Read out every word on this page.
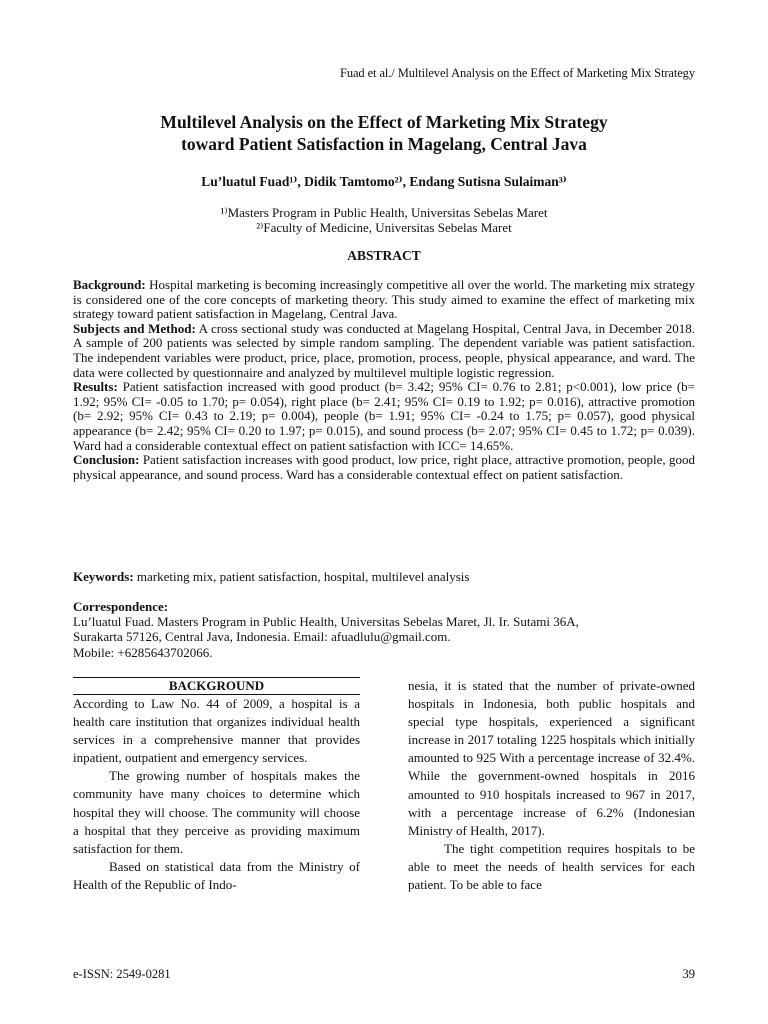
Fuad et al./ Multilevel Analysis on the Effect of Marketing Mix Strategy
Multilevel Analysis on the Effect of Marketing Mix Strategy
toward Patient Satisfaction in Magelang, Central Java
Lu’luatul Fuad¹⁾, Didik Tamtomo²⁾, Endang Sutisna Sulaiman³⁾
¹⁾Masters Program in Public Health, Universitas Sebelas Maret
²⁾Faculty of Medicine, Universitas Sebelas Maret
ABSTRACT

Background: Hospital marketing is becoming increasingly competitive all over the world. The marketing mix strategy is considered one of the core concepts of marketing theory. This study aimed to examine the effect of marketing mix strategy toward patient satisfaction in Magelang, Central Java.

Subjects and Method: A cross sectional study was conducted at Magelang Hospital, Central Java, in December 2018. A sample of 200 patients was selected by simple random sampling. The dependent variable was patient satisfaction. The independent variables were product, price, place, promotion, process, people, physical appearance, and ward. The data were collected by questionnaire and analyzed by multilevel multiple logistic regression.

Results: Patient satisfaction increased with good product (b= 3.42; 95% CI= 0.76 to 2.81; p<0.001), low price (b= 1.92; 95% CI= -0.05 to 1.70; p= 0.054), right place (b= 2.41; 95% CI= 0.19 to 1.92; p= 0.016), attractive promotion (b= 2.92; 95% CI= 0.43 to 2.19; p= 0.004), people (b= 1.91; 95% CI= -0.24 to 1.75; p= 0.057), good physical appearance (b= 2.42; 95% CI= 0.20 to 1.97; p= 0.015), and sound process (b= 2.07; 95% CI= 0.45 to 1.72; p= 0.039). Ward had a considerable contextual effect on patient satisfaction with ICC= 14.65%.

Conclusion: Patient satisfaction increases with good product, low price, right place, attractive promotion, people, good physical appearance, and sound process. Ward has a considerable contextual effect on patient satisfaction.

Keywords: marketing mix, patient satisfaction, hospital, multilevel analysis
Correspondence:
Lu’luatul Fuad. Masters Program in Public Health, Universitas Sebelas Maret, Jl. Ir. Sutami 36A,
Surakarta 57126, Central Java, Indonesia. Email: afuadlulu@gmail.com.
Mobile: +6285643702066.
BACKGROUND

According to Law No. 44 of 2009, a hospital is a health care institution that organizes individual health services in a comprehensive manner that provides inpatient, outpatient and emergency services.

The growing number of hospitals makes the community have many choices to determine which hospital they will choose. The community will choose a hospital that they perceive as providing maximum satisfaction for them.

Based on statistical data from the Ministry of Health of the Republic of Indo-

nesia, it is stated that the number of private-owned hospitals in Indonesia, both public hospitals and special type hospitals, experienced a significant increase in 2017 totaling 1225 hospitals which initially amounted to 925 With a percentage increase of 32.4%. While the government-owned hospitals in 2016 amounted to 910 hospitals increased to 967 in 2017, with a percentage increase of 6.2% (Indonesian Ministry of Health, 2017).

The tight competition requires hospitals to be able to meet the needs of health services for each patient. To be able to face

e-ISSN: 2549-0281	39
